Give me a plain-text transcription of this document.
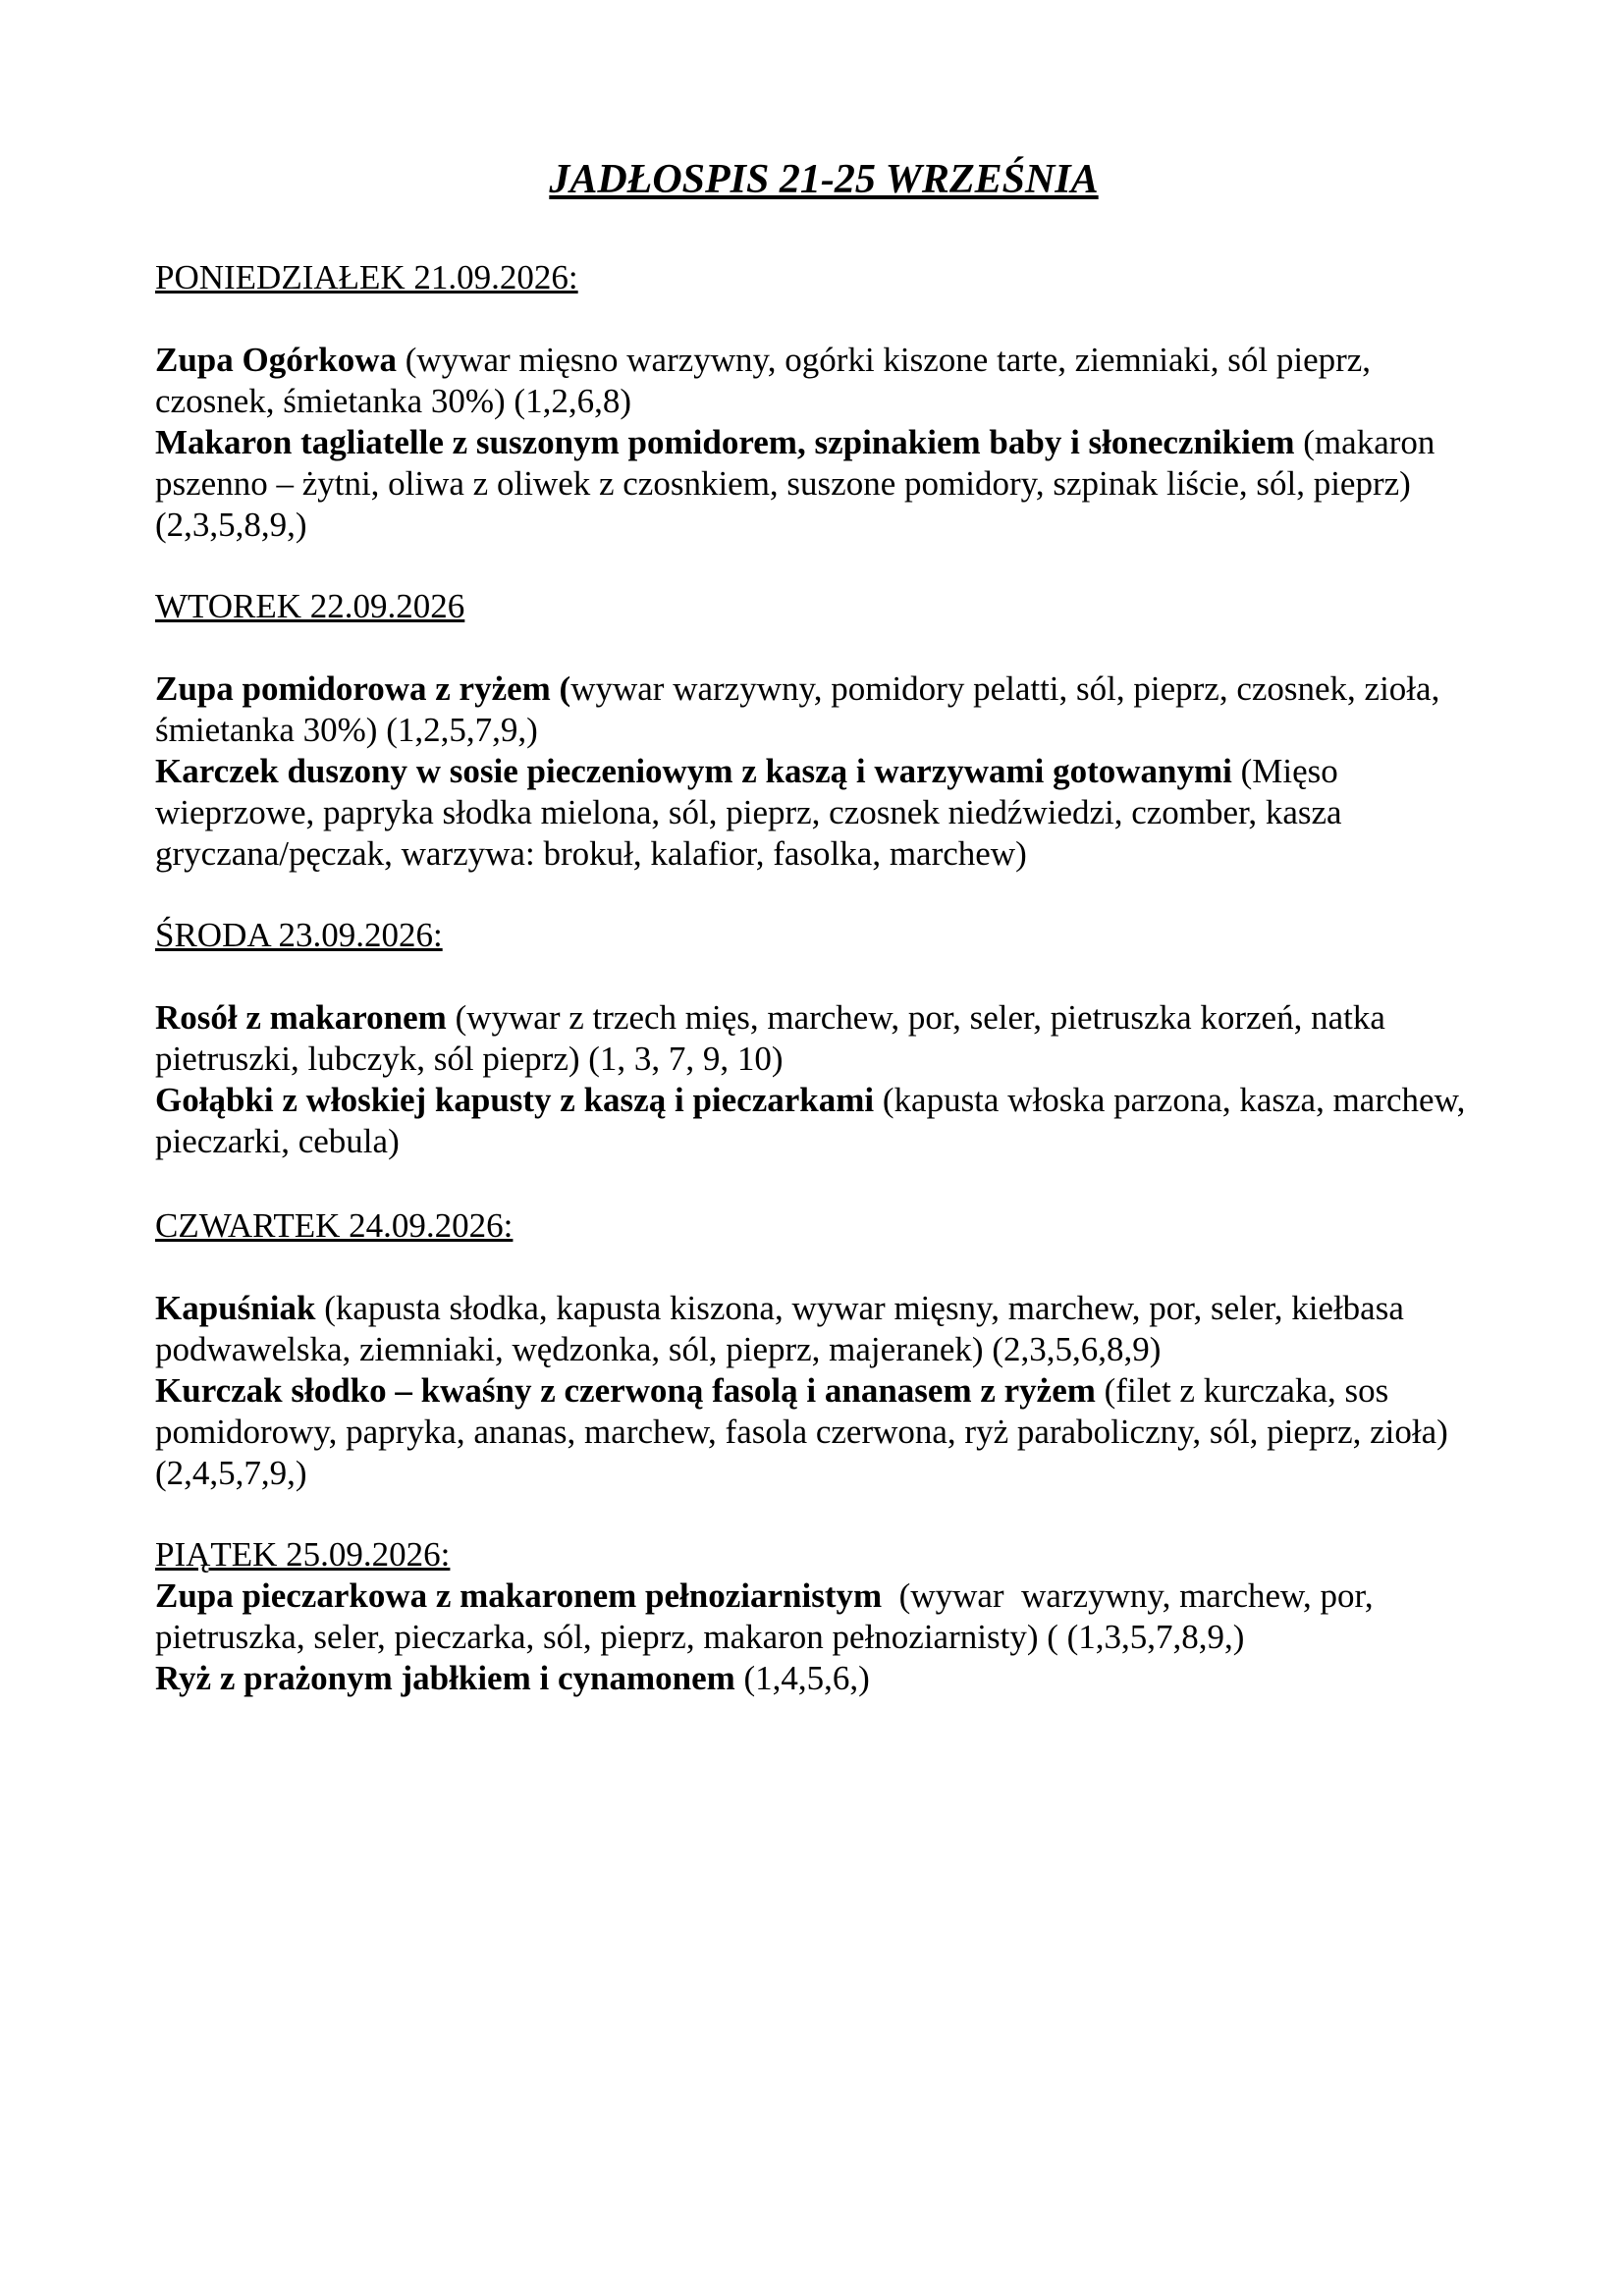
JADŁOSPIS 21-25 WRZEŚNIA

PONIEDZIAŁEK 21.09.2026:

Zupa Ogórkowa (wywar mięsno warzywny, ogórki kiszone tarte, ziemniaki, sól pieprz, czosnek, śmietanka 30%) (1,2,6,8)

Makaron tagliatelle z suszonym pomidorem, szpinakiem baby i słonecznikiem (makaron pszenno – żytni, oliwa z oliwek z czosnkiem, suszone pomidory, szpinak liście, sól, pieprz) (2,3,5,8,9,)

WTOREK 22.09.2026

Zupa pomidorowa z ryżem (wywar warzywny, pomidory pelatti, sól, pieprz, czosnek, zioła, śmietanka 30%) (1,2,5,7,9,)

Karczek duszony w sosie pieczeniowym z kaszą i warzywami gotowanymi (Mięso wieprzowe, papryka słodka mielona, sól, pieprz, czosnek niedźwiedzi, czomber, kasza gryczana/pęczak, warzywa: brokuł, kalafior, fasolka, marchew)

ŚRODA 23.09.2026:

Rosół z makaronem (wywar z trzech mięs, marchew, por, seler, pietruszka korzeń, natka pietruszki, lubczyk, sól pieprz) (1, 3, 7, 9, 10)

Gołąbki z włoskiej kapusty z kaszą i pieczarkami (kapusta włoska parzona, kasza, marchew, pieczarki, cebula)

CZWARTEK 24.09.2026:

Kapuśniak (kapusta słodka, kapusta kiszona, wywar mięsny, marchew, por, seler, kiełbasa podwawelska, ziemniaki, wędzonka, sól, pieprz, majeranek) (2,3,5,6,8,9)

Kurczak słodko – kwaśny z czerwoną fasolą i ananasem z ryżem (filet z kurczaka, sos pomidorowy, papryka, ananas, marchew, fasola czerwona, ryż paraboliczny, sól, pieprz, zioła) (2,4,5,7,9,)

PIĄTEK 25.09.2026:

Zupa pieczarkowa z makaronem pełnoziarnistym  (wywar  warzywny, marchew, por, pietruszka, seler, pieczarka, sól, pieprz, makaron pełnoziarnisty) ( (1,3,5,7,8,9,)

Ryż z prażonym jabłkiem i cynamonem (1,4,5,6,)
